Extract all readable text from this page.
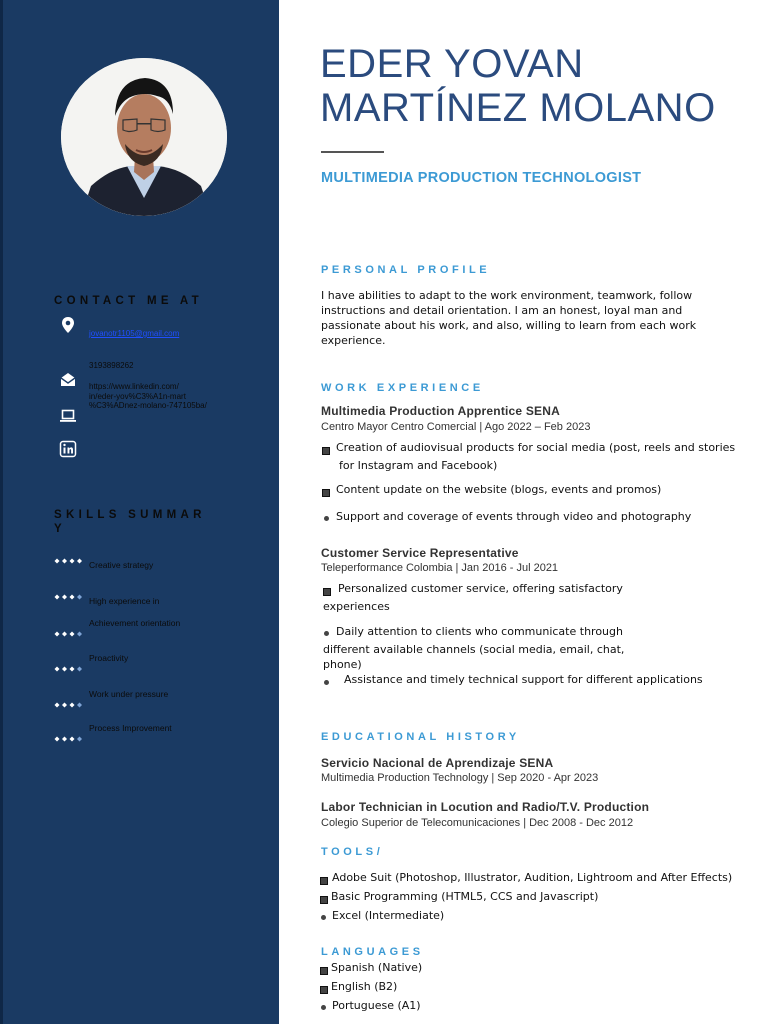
CONTACT ME AT
jovanotr1105@gmail.com
3193898262
https://www.linkedin.com/
in/eder-yov%C3%A1n-mart
%C3%ADnez-molano-747105ba/
SKILLS SUMMAR
Y
Creative strategy
High experience in
Achievement orientation
Proactivity
Work under pressure
Process Improvement
EDER YOVAN
MARTÍNEZ MOLANO
MULTIMEDIA PRODUCTION TECHNOLOGIST
PERSONAL PROFILE
I have abilities to adapt to the work environment, teamwork, follow instructions and detail orientation. I am an honest, loyal man and passionate about his work, and also, willing to learn from each work experience.
WORK EXPERIENCE
Multimedia Production Apprentice SENA
Centro Mayor Centro Comercial | Ago 2022 – Feb 2023
Creation of audiovisual products for social media (post, reels and stories
for Instagram and Facebook)
Content update on the website (blogs, events and promos)
Support and coverage of events through video and photography
Customer Service Representative
Teleperformance Colombia | Jan 2016 - Jul 2021
Personalized customer service, offering satisfactory
experiences
Daily attention to clients who communicate through
different available channels (social media, email, chat,
phone)
Assistance and timely technical support for different applications
EDUCATIONAL HISTORY
Servicio Nacional de Aprendizaje SENA
Multimedia Production Technology | Sep 2020 - Apr 2023
Labor Technician in Locution and Radio/T.V. Production
Colegio Superior de Telecomunicaciones | Dec 2008 - Dec 2012
TOOLS/
Adobe Suit (Photoshop, Illustrator, Audition, Lightroom and After Effects)
Basic Programming (HTML5, CCS and Javascript)
Excel (Intermediate)
LANGUAGES
Spanish (Native)
English (B2)
Portuguese (A1)
